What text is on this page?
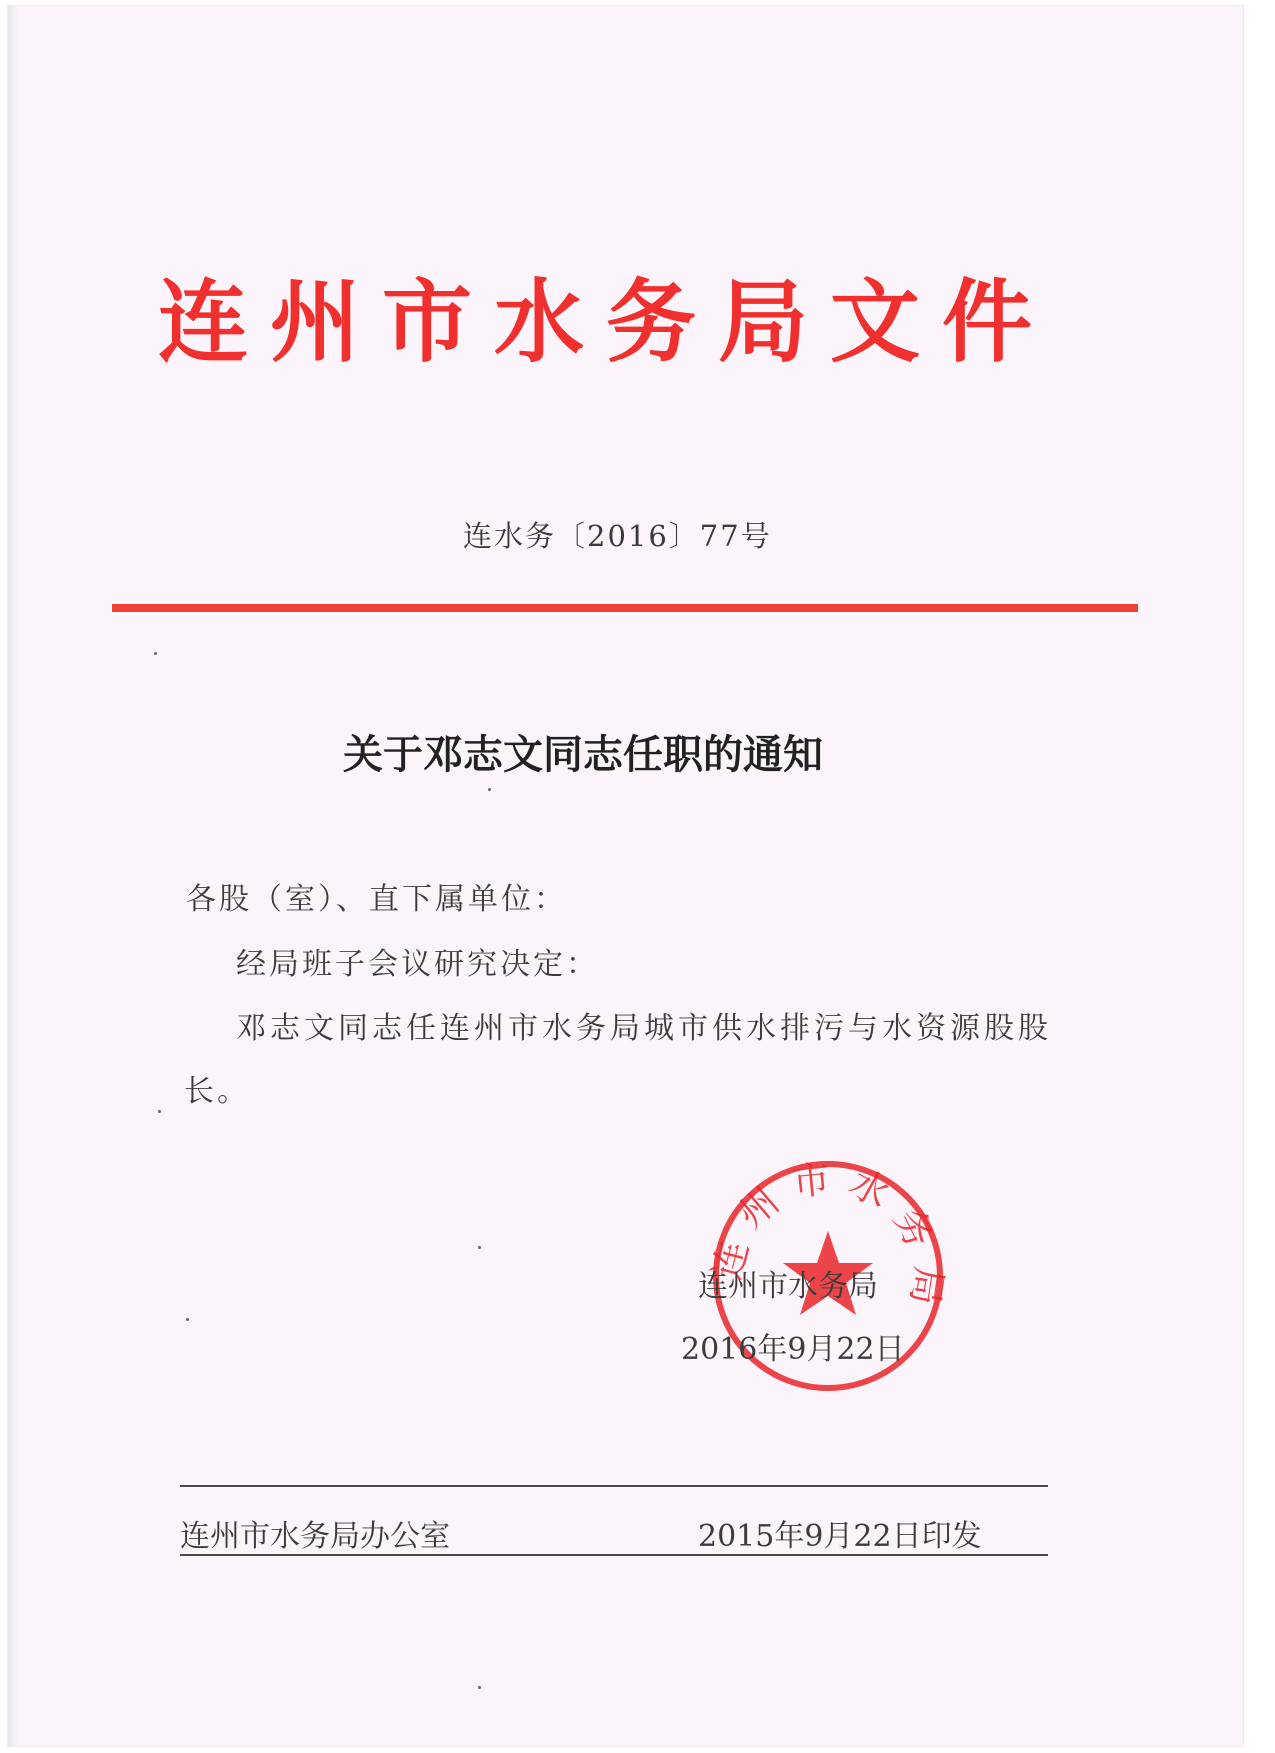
连州市水务局文件
连水务〔2016〕77号
关于邓志文同志任职的通知
各股（室）、直下属单位：
经局班子会议研究决定：
邓志文同志任连州市水务局城市供水排污与水资源股股
长。
连州市水务局
连州市水务局
2016年9月22日
连州市水务局办公室	2015年9月22日印发
